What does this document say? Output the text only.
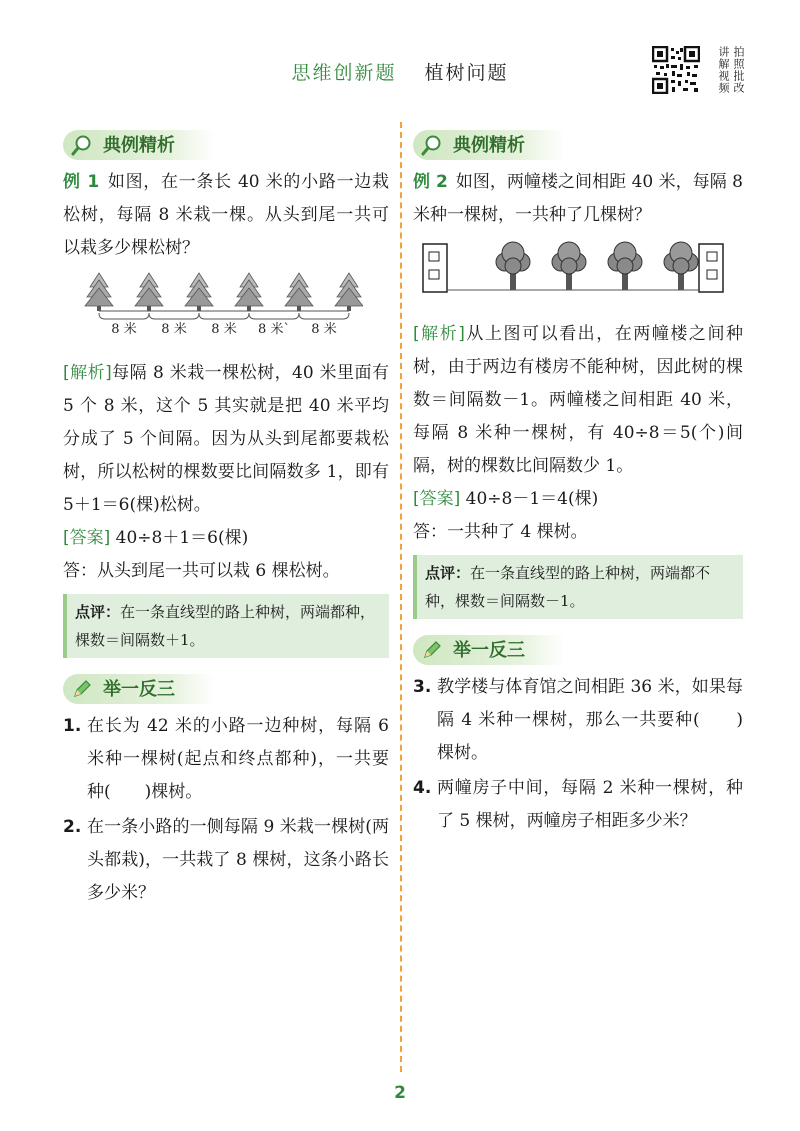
思维创新题 植树问题	拍照批改
讲解视频
典例精析

例 1 如图，在一条长 40 米的小路一边栽松树，每隔 8 米栽一棵。从头到尾一共可以栽多少棵松树？

8 米 8 米 8 米 8 米` 8 米

[解析]每隔 8 米栽一棵松树，40 米里面有 5 个 8 米，这个 5 其实就是把 40 米平均分成了 5 个间隔。因为从头到尾都要栽松树，所以松树的棵数要比间隔数多 1，即有 5＋1＝6(棵)松树。

[答案] 40÷8＋1＝6(棵)

答：从头到尾一共可以栽 6 棵松树。

点评：在一条直线型的路上种树，两端都种，棵数＝间隔数＋1。
举一反三
1. 在长为 42 米的小路一边种树，每隔 6 米种一棵树(起点和终点都种)，一共要种(　　)棵树。
2. 在一条小路的一侧每隔 9 米栽一棵树(两头都栽)，一共栽了 8 棵树，这条小路长多少米？
典例精析

例 2 如图，两幢楼之间相距 40 米，每隔 8 米种一棵树，一共种了几棵树？

[解析]从上图可以看出，在两幢楼之间种树，由于两边有楼房不能种树，因此树的棵数＝间隔数－1。两幢楼之间相距 40 米，每隔 8 米种一棵树，有 40÷8＝5(个)间隔，树的棵数比间隔数少 1。

[答案] 40÷8－1＝4(棵)

答：一共种了 4 棵树。

点评：在一条直线型的路上种树，两端都不种，棵数＝间隔数－1。
举一反三
3. 教学楼与体育馆之间相距 36 米，如果每隔 4 米种一棵树，那么一共要种(　　)棵树。
4. 两幢房子中间，每隔 2 米种一棵树，种了 5 棵树，两幢房子相距多少米？
2
